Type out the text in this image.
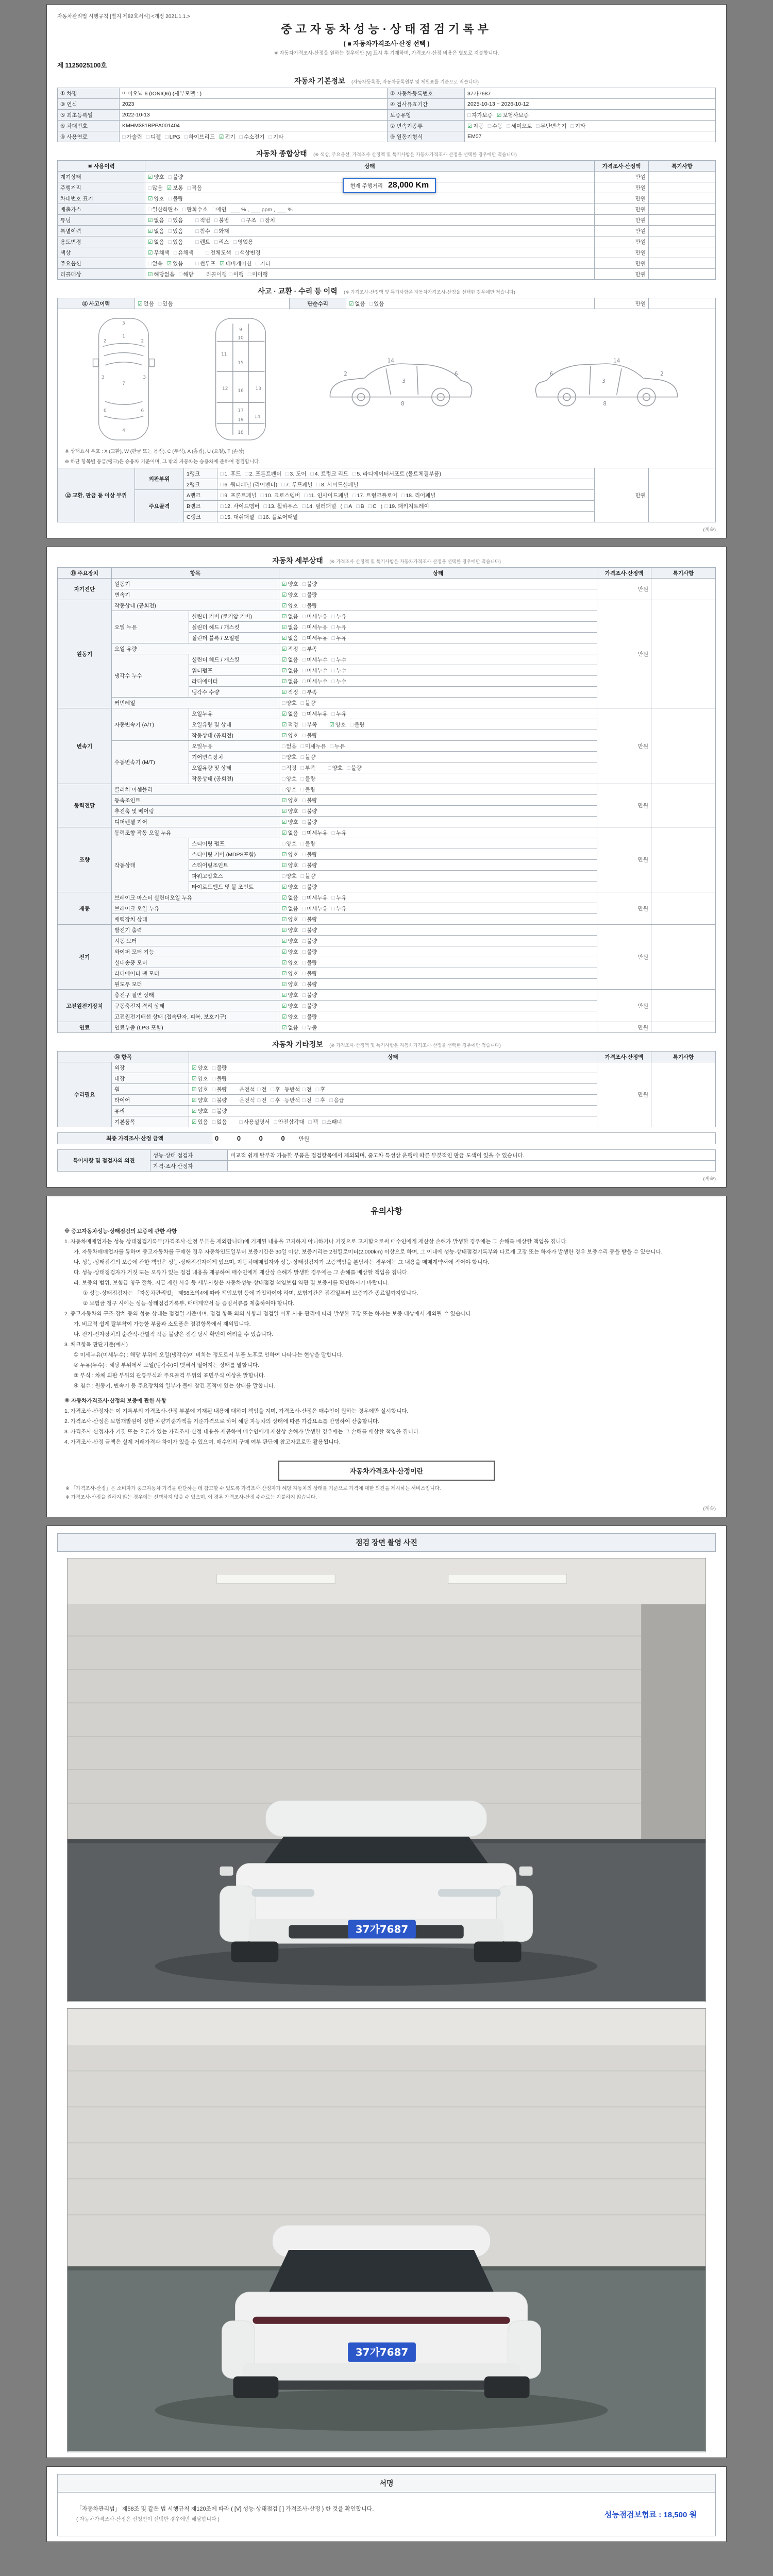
자동차관리법 시행규칙 [별지 제82호서식] <개정 2021.1.1.>
중고자동차성능·상태점검기록부
( ■ 자동차가격조사·산정 선택 )
※ 자동차가격조사·산정을 원하는 경우에만 [V] 표시 후 기재하며, 가격조사·산정 비용은 별도로 지불합니다.
제 1125025100호
자동차 기본정보 (자동차등록증, 자동차등록원부 및 제원표를 기준으로 적습니다)
① 차명	아이오닉 6 (IONIQ6) (세부모델 : )	② 자동차등록번호	37가7687
③ 연식	2023	④ 검사유효기간	2025-10-13 ~ 2026-10-12
⑤ 최초등록일	2022-10-13	보증유형	□ 자가보증 ☑ 보험사보증
⑥ 차대번호	KMHM381BPPA001404	⑦ 변속기종류	☑ 자동 □ 수동 □ 세미오토 □ 무단변속기 □ 기타
⑧ 사용연료	□ 가솔린 □ 디젤 □ LPG □ 하이브리드 ☑ 전기 □ 수소전기 □ 기타	⑨ 원동기형식	EM07
자동차 종합상태 (※ 색상, 주요옵션, 가격조사·산정액 및 특기사항은 자동차가격조사·산정을 선택한 경우에만 적습니다)
⑩ 사용이력	상태	가격조사·산정액	특기사항
계기상태	☑ 양호 □ 불량	만원	
주행거리	□ 많음 ☑ 보통 □ 적음 현재 주행거리 28,000 Km	만원	
차대번호 표기	☑ 양호 □ 불량	만원	
배출가스	□ 일산화탄소 □ 탄화수소 □ 매연 ___ % , ___ ppm , ___ %	만원	
튜닝	☑ 없음 □ 있음 □ 적법 □ 불법 □ 구조 □ 장치	만원	
특별이력	☑ 없음 □ 있음 □ 침수 □ 화재	만원	
용도변경	☑ 없음 □ 있음 □ 렌트 □ 리스 □ 영업용	만원	
색상	☑ 무채색 □ 유채색 □ 전체도색 □ 색상변경	만원	
주요옵션	□ 없음 ☑ 있음 □ 썬루프 ☑ 네비게이션 □ 기타	만원	
리콜대상	☑ 해당없음 □ 해당 리콜이행 □ 이행 □ 미이행	만원	
사고 · 교환 · 수리 등 이력 (※ 가격조사·산정액 및 특기사항은 자동차가격조사·산정을 선택한 경우에만 적습니다)
⑪ 사고이력	☑ 없음 □ 있음	단순수리	☑ 없음 □ 있음	만원	
5
1
2	2
3	3
7
6	6
4
9
10
11
15
12	13
16
17
14
19
18
2
3
8
14
6	2
3
8
14
6
※ 상태표시 부호 : X (교환), W (판금 또는 용접), C (부식), A (흠집), U (요철), T (손상)
※ 하단 항목별 등급(랭크)은 승용차 기준이며, 그 밖의 자동차는 승용차에 준하여 점검합니다.
⑫ 교환, 판금 등 이상 부위	외판부위	1랭크	□ 1. 후드 □ 2. 프론트펜더 □ 3. 도어 □ 4. 트렁크 리드 □ 5. 라디에이터서포트 (볼트체결부품)	만원	
		2랭크	□ 6. 쿼터패널 (리어펜더) □ 7. 루프패널 □ 8. 사이드실패널		
	주요골격	A랭크	□ 9. 프론트패널 □ 10. 크로스멤버 □ 11. 인사이드패널 □ 17. 트렁크플로어 □ 18. 리어패널		
		B랭크	□ 12. 사이드멤버 □ 13. 휠하우스 □ 14. 필러패널 ( □ A □ B □ C ) □ 19. 패키지트레이		
		C랭크	□ 15. 대쉬패널 □ 16. 플로어패널		
(계속)
자동차 세부상태 (※ 가격조사·산정액 및 특기사항은 자동차가격조사·산정을 선택한 경우에만 적습니다)
⑬ 주요장치	항목		상태	가격조사·산정액	특기사항
자기진단	원동기		☑ 양호 □ 불량	만원	
	변속기		☑ 양호 □ 불량		
원동기	작동상태 (공회전)		☑ 양호 □ 불량	만원	
	오일 누유	실린더 커버 (로커암 커버)	☑ 없음 □ 미세누유 □ 누유		
		실린더 헤드 / 개스킷	☑ 없음 □ 미세누유 □ 누유		
		실린더 블록 / 오일팬	☑ 없음 □ 미세누유 □ 누유		
	오일 유량		☑ 적정 □ 부족		
	냉각수 누수	실린더 헤드 / 개스킷	☑ 없음 □ 미세누수 □ 누수		
		워터펌프	☑ 없음 □ 미세누수 □ 누수		
		라디에이터	☑ 없음 □ 미세누수 □ 누수		
		냉각수 수량	☑ 적정 □ 부족		
	커먼레일		□ 양호 □ 불량		
변속기	자동변속기 (A/T)	오일누유	☑ 없음 □ 미세누유 □ 누유	만원	
		오일유량 및 상태	☑ 적정 □ 부족 ☑ 양호 □ 불량		
		작동상태 (공회전)	☑ 양호 □ 불량		
	수동변속기 (M/T)	오일누유	□ 없음 □ 미세누유 □ 누유		
		기어변속장치	□ 양호 □ 불량		
		오일유량 및 상태	□ 적정 □ 부족 □ 양호 □ 불량		
		작동상태 (공회전)	□ 양호 □ 불량		
동력전달	클러치 어셈블리		□ 양호 □ 불량	만원	
	등속조인트		☑ 양호 □ 불량		
	추진축 및 베어링		☑ 양호 □ 불량		
	디퍼렌셜 기어		☑ 양호 □ 불량		
조향	동력조향 작동 오일 누유		☑ 없음 □ 미세누유 □ 누유	만원	
	작동상태	스티어링 펌프	□ 양호 □ 불량		
		스티어링 기어 (MDPS포함)	☑ 양호 □ 불량		
		스티어링조인트	☑ 양호 □ 불량		
		파워고압호스	□ 양호 □ 불량		
		타이로드엔드 및 볼 조인트	☑ 양호 □ 불량		
제동	브레이크 마스터 실린더오일 누유		☑ 없음 □ 미세누유 □ 누유	만원	
	브레이크 오일 누유		☑ 없음 □ 미세누유 □ 누유		
	배력장치 상태		☑ 양호 □ 불량		
전기	발전기 출력		☑ 양호 □ 불량	만원	
	시동 모터		☑ 양호 □ 불량		
	와이퍼 모터 기능		☑ 양호 □ 불량		
	실내송풍 모터		☑ 양호 □ 불량		
	라디에이터 팬 모터		☑ 양호 □ 불량		
	윈도우 모터		☑ 양호 □ 불량		
고전원전기장치	충전구 절연 상태		☑ 양호 □ 불량	만원	
	구동축전지 격리 상태		☑ 양호 □ 불량		
	고전원전기배선 상태 (접속단자, 피복, 보호기구)		☑ 양호 □ 불량		
연료	연료누출 (LPG 포함)		☑ 없음 □ 누출	만원	
자동차 기타정보 (※ 가격조사·산정액 및 특기사항은 자동차가격조사·산정을 선택한 경우에만 적습니다)
⑭ 항목		상태	가격조사·산정액	특기사항
수리필요	외장	☑ 양호 □ 불량	만원	
	내장	☑ 양호 □ 불량		
	휠	☑ 양호 □ 불량 운전석 □ 전 □ 후 동반석 □ 전 □ 후		
	타이어	☑ 양호 □ 불량 운전석 □ 전 □ 후 동반석 □ 전 □ 후 □ 응급		
	유리	☑ 양호 □ 불량		
	기본품목	☑ 있음 □ 없음 □ 사용설명서 □ 안전삼각대 □ 잭 □ 스패너		
최종 가격조사·산정 금액	0 0 0 0 만원
특이사항 및 점검자의 의견	성능·상태 점검자	비교적 쉽게 탈부착 가능한 부품은 점검항목에서 제외되며, 중고차 특성상 운행에 따른 부분적인 판금·도색이 있을 수 있습니다.
	가격·조사 산정자	
(계속)
유의사항
※ 중고자동차성능·상태점검의 보증에 관한 사항
1. 자동차매매업자는 성능·상태점검기록부(가격조사·산정 부분은 제외합니다)에 기재된 내용을 고지하지 아니하거나 거짓으로 고지함으로써 매수인에게 재산상 손해가 발생한 경우에는 그 손해를 배상할 책임을 집니다.
가. 자동차매매업자를 통하여 중고자동차를 구매한 경우 자동차인도일부터 보증기간은 30일 이상, 보증거리는 2천킬로미터(2,000km) 이상으로 하며, 그 이내에 성능·상태점검기록부와 다르게 고장 또는 하자가 발생한 경우 보증수리 등을 받을 수 있습니다.
나. 성능·상태점검의 보증에 관한 책임은 성능·상태점검자에게 있으며, 자동차매매업자와 성능·상태점검자가 보증책임을 분담하는 경우에는 그 내용을 매매계약서에 적어야 합니다.
다. 성능·상태점검자가 거짓 또는 오류가 있는 점검 내용을 제공하여 매수인에게 재산상 손해가 발생한 경우에는 그 손해를 배상할 책임을 집니다.
라. 보증의 범위, 보험금 청구 절차, 지급 제한 사유 등 세부사항은 자동차성능·상태점검 책임보험 약관 및 보증서를 확인하시기 바랍니다.
① 성능·상태점검자는 「자동차관리법」 제58조의4에 따라 책임보험 등에 가입하여야 하며, 보험기간은 점검일부터 보증기간 종료일까지입니다.
② 보험금 청구 시에는 성능·상태점검기록부, 매매계약서 등 증빙서류를 제출하여야 합니다.
2. 중고자동차의 구조·장치 등의 성능·상태는 점검일 기준이며, 점검 항목 외의 사항과 점검일 이후 사용·관리에 따라 발생한 고장 또는 하자는 보증 대상에서 제외될 수 있습니다.
가. 비교적 쉽게 탈부착이 가능한 부품과 소모품은 점검항목에서 제외됩니다.
나. 전기·전자장치의 순간적·간헐적 작동 불량은 점검 당시 확인이 어려울 수 있습니다.
3. 체크항목 판단기준(예시)
① 미세누유(미세누수) : 해당 부위에 오일(냉각수)이 비치는 정도로서 부품 노후로 인하여 나타나는 현상을 말합니다.
② 누유(누수) : 해당 부위에서 오일(냉각수)이 맺혀서 떨어지는 상태를 말합니다.
③ 부식 : 차체 외판 부위의 관통부식과 주요골격 부위의 표면부식 이상을 말합니다.
④ 침수 : 원동기, 변속기 등 주요장치의 일부가 물에 잠긴 흔적이 있는 상태를 말합니다.
※ 자동차가격조사·산정의 보증에 관한 사항
1. 가격조사·산정자는 이 기록부의 가격조사·산정 부분에 기재된 내용에 대하여 책임을 지며, 가격조사·산정은 매수인이 원하는 경우에만 실시합니다.
2. 가격조사·산정은 보험개발원이 정한 차량기준가액을 기준가격으로 하여 해당 자동차의 상태에 따른 가감요소를 반영하여 산출합니다.
3. 가격조사·산정자가 거짓 또는 오류가 있는 가격조사·산정 내용을 제공하여 매수인에게 재산상 손해가 발생한 경우에는 그 손해를 배상할 책임을 집니다.
4. 가격조사·산정 금액은 실제 거래가격과 차이가 있을 수 있으며, 매수인의 구매 여부 판단에 참고자료로만 활용됩니다.
자동차가격조사·산정이란
※ 「가격조사·산정」은 소비자가 중고자동차 가격을 판단하는 데 참고할 수 있도록 가격조사·산정자가 해당 자동차의 상태를 기준으로 가격에 대한 의견을 제시하는 서비스입니다.
※ 가격조사·산정을 원하지 않는 경우에는 선택하지 않을 수 있으며, 이 경우 가격조사·산정 수수료는 지불하지 않습니다.
(계속)
점검 장면 촬영 사진
37가7687
37가7687
서명
「자동차관리법」 제58조 및 같은 법 시행규칙 제120조에 따라 ( [V] 성능·상태점검 [ ] 가격조사·산정 ) 한 것을 확인합니다.
( 자동차가격조사·산정은 신청인이 선택한 경우에만 해당합니다 )
성능점검보험료 : 18,500 원
